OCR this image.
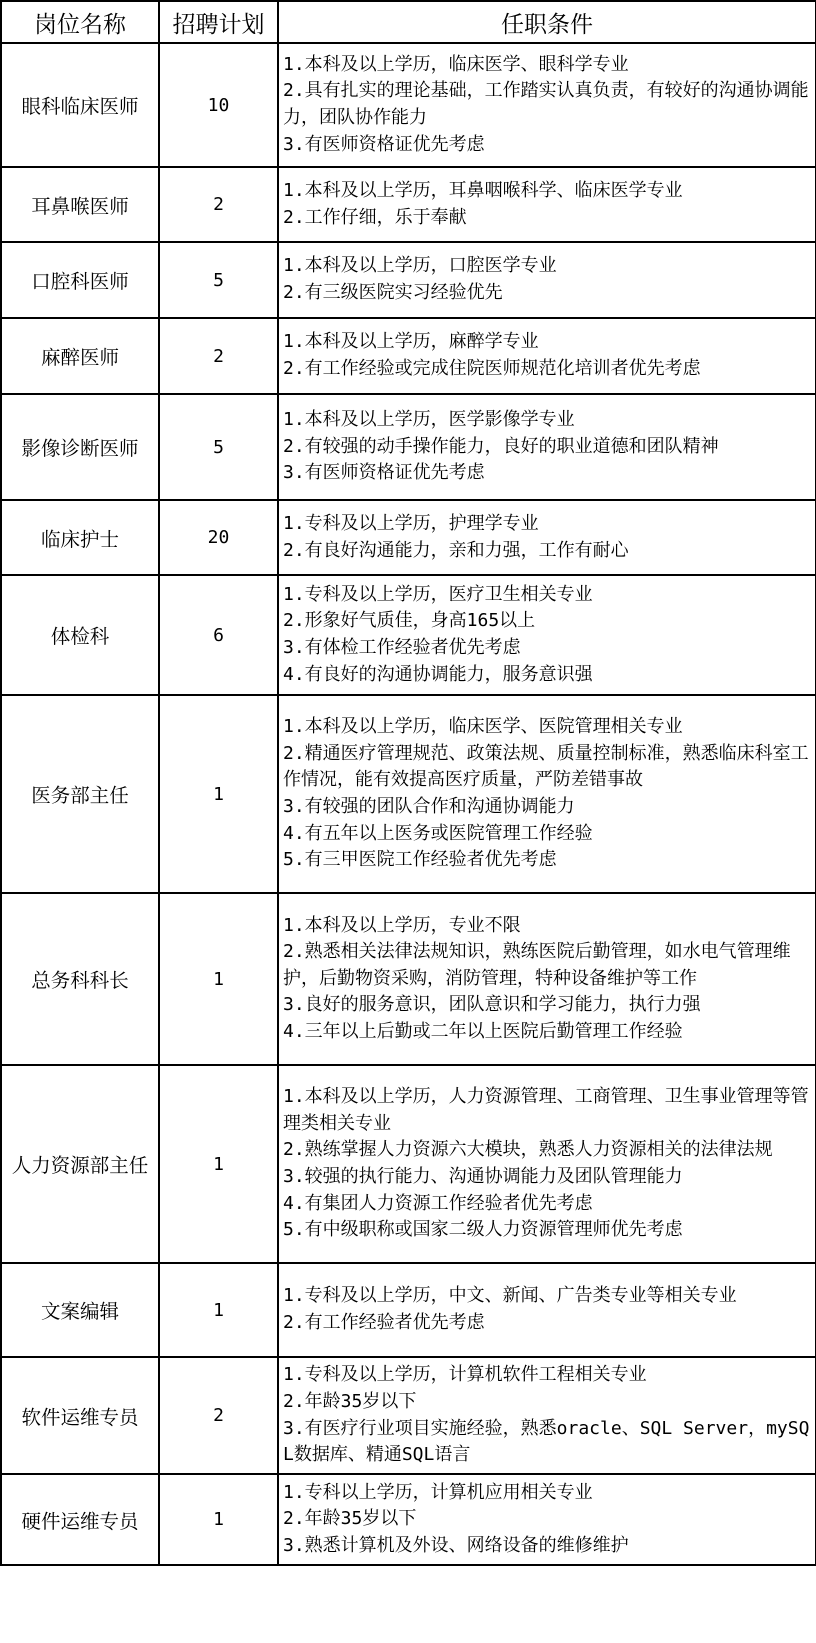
岗位名称	招聘计划	任职条件
眼科临床医师	10	1.本科及以上学历，临床医学、眼科学专业
2.具有扎实的理论基础，工作踏实认真负责，有较好的沟通协调能力，团队协作能力
3.有医师资格证优先考虑

耳鼻喉医师	2	1.本科及以上学历，耳鼻咽喉科学、临床医学专业
2.工作仔细，乐于奉献

口腔科医师	5	1.本科及以上学历，口腔医学专业
2.有三级医院实习经验优先

麻醉医师	2	1.本科及以上学历，麻醉学专业
2.有工作经验或完成住院医师规范化培训者优先考虑

影像诊断医师	5	1.本科及以上学历，医学影像学专业
2.有较强的动手操作能力，良好的职业道德和团队精神
3.有医师资格证优先考虑

临床护士	20	1.专科及以上学历，护理学专业
2.有良好沟通能力，亲和力强，工作有耐心

体检科	6	1.专科及以上学历，医疗卫生相关专业
2.形象好气质佳，身高165以上
3.有体检工作经验者优先考虑
4.有良好的沟通协调能力，服务意识强

医务部主任	1	1.本科及以上学历，临床医学、医院管理相关专业
2.精通医疗管理规范、政策法规、质量控制标准，熟悉临床科室工作情况，能有效提高医疗质量，严防差错事故
3.有较强的团队合作和沟通协调能力
4.有五年以上医务或医院管理工作经验
5.有三甲医院工作经验者优先考虑

总务科科长	1	1.本科及以上学历，专业不限
2.熟悉相关法律法规知识，熟练医院后勤管理，如水电气管理维护，后勤物资采购，消防管理，特种设备维护等工作
3.良好的服务意识，团队意识和学习能力，执行力强
4.三年以上后勤或二年以上医院后勤管理工作经验

人力资源部主任	1	1.本科及以上学历，人力资源管理、工商管理、卫生事业管理等管理类相关专业
2.熟练掌握人力资源六大模块，熟悉人力资源相关的法律法规
3.较强的执行能力、沟通协调能力及团队管理能力
4.有集团人力资源工作经验者优先考虑
5.有中级职称或国家二级人力资源管理师优先考虑

文案编辑	1	1.专科及以上学历，中文、新闻、广告类专业等相关专业
2.有工作经验者优先考虑

软件运维专员	2	1.专科及以上学历，计算机软件工程相关专业
2.年龄35岁以下
3.有医疗行业项目实施经验，熟悉oracle、SQL Server，mySQL数据库、精通SQL语言

硬件运维专员	1	1.专科以上学历，计算机应用相关专业
2.年龄35岁以下
3.熟悉计算机及外设、网络设备的维修维护
